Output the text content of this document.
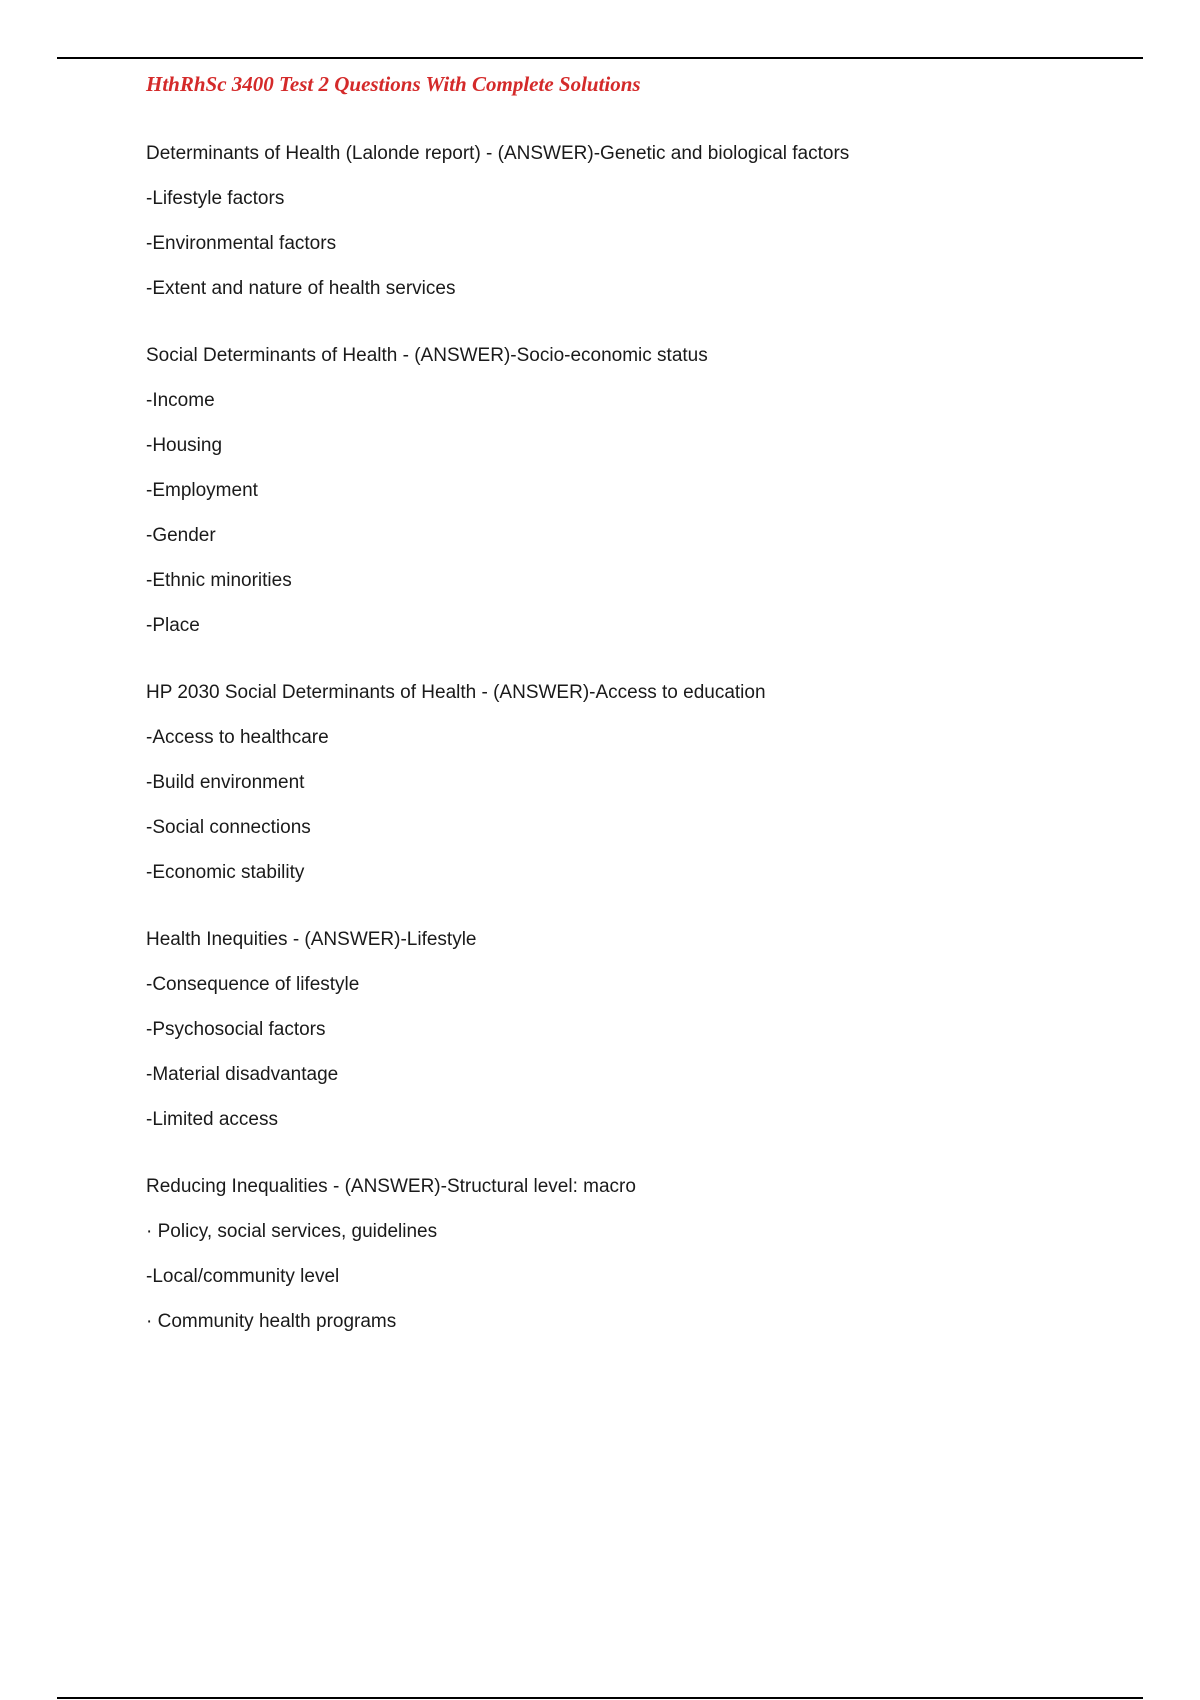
HthRhSc 3400 Test 2 Questions With Complete Solutions
Determinants of Health (Lalonde report) - (ANSWER)-Genetic and biological factors
-Lifestyle factors
-Environmental factors
-Extent and nature of health services
Social Determinants of Health - (ANSWER)-Socio-economic status
-Income
-Housing
-Employment
-Gender
-Ethnic minorities
-Place
HP 2030 Social Determinants of Health - (ANSWER)-Access to education
-Access to healthcare
-Build environment
-Social connections
-Economic stability
Health Inequities - (ANSWER)-Lifestyle
-Consequence of lifestyle
-Psychosocial factors
-Material disadvantage
-Limited access
Reducing Inequalities - (ANSWER)-Structural level: macro
· Policy, social services, guidelines
-Local/community level
· Community health programs
